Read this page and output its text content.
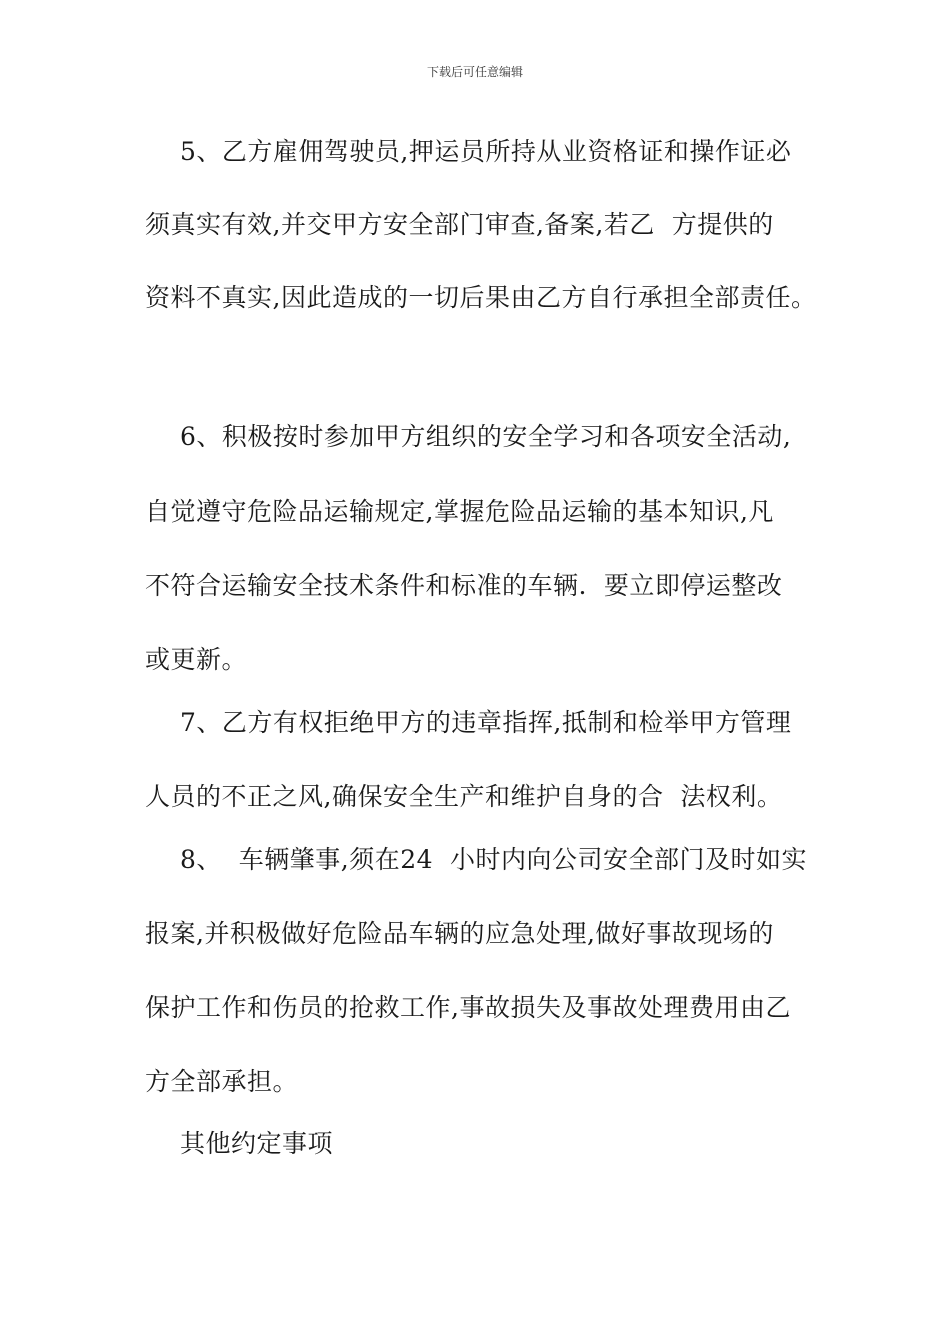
下载后可任意编辑
5、乙方雇佣驾驶员,押运员所持从业资格证和操作证必
须真实有效,并交甲方安全部门审查,备案,若乙  方提供的
资料不真实,因此造成的一切后果由乙方自行承担全部责任。
6、积极按时参加甲方组织的安全学习和各项安全活动,
自觉遵守危险品运输规定,掌握危险品运输的基本知识,凡
不符合运输安全技术条件和标准的车辆.  要立即停运整改
或更新。
7、乙方有权拒绝甲方的违章指挥,抵制和检举甲方管理
人员的不正之风,确保安全生产和维护自身的合  法权利。
8、  车辆肇事,须在24  小时内向公司安全部门及时如实
报案,并积极做好危险品车辆的应急处理,做好事故现场的
保护工作和伤员的抢救工作,事故损失及事故处理费用由乙
方全部承担。
其他约定事项
